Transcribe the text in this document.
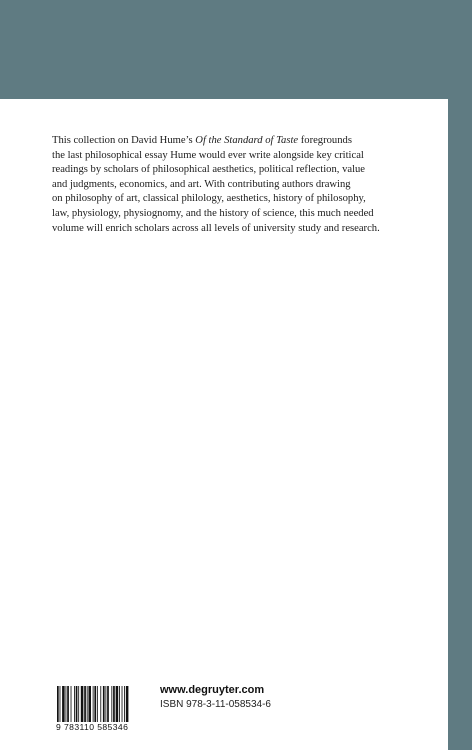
This collection on David Hume’s Of the Standard of Taste foregrounds
the last philosophical essay Hume would ever write alongside key critical
readings by scholars of philosophical aesthetics, political reflection, value
and judgments, economics, and art. With contributing authors drawing
on philosophy of art, classical philology, aesthetics, history of philosophy,
law, physiology, physiognomy, and the history of science, this much needed
volume will enrich scholars across all levels of university study and research.
9 783110 585346
www.degruyter.com
ISBN 978-3-11-058534-6
